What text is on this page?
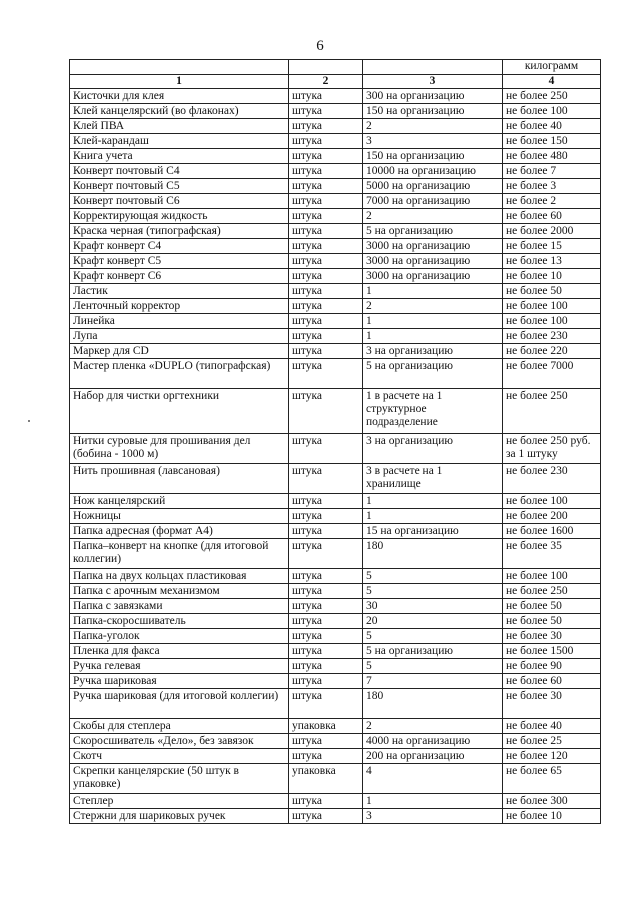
6
			килограмм
1	2	3	4
Кисточки для клея	штука	300 на организацию	не более 250
Клей канцелярский (во флаконах)	штука	150 на организацию	не более 100
Клей ПВА	штука	2	не более 40
Клей-карандаш	штука	3	не более 150
Книга учета	штука	150 на организацию	не более 480
Конверт почтовый С4	штука	10000 на организацию	не более 7
Конверт почтовый С5	штука	5000 на организацию	не более 3
Конверт почтовый С6	штука	7000 на организацию	не более 2
Корректирующая жидкость	штука	2	не более 60
Краска черная (типографская)	штука	5 на организацию	не более 2000
Крафт конверт С4	штука	3000 на организацию	не более 15
Крафт конверт С5	штука	3000 на организацию	не более 13
Крафт конверт С6	штука	3000 на организацию	не более 10
Ластик	штука	1	не более 50
Ленточный корректор	штука	2	не более 100
Линейка	штука	1	не более 100
Лупа	штука	1	не более 230
Маркер для CD	штука	3 на организацию	не более 220
Мастер пленка «DUPLO (типографская)	штука	5 на организацию	не более 7000
Набор для чистки оргтехники	штука	1 в расчете на 1 структурное подразделение	не более 250
Нитки суровые для прошивания дел (бобина - 1000 м)	штука	3 на организацию	не более 250 руб. за 1 штуку
Нить прошивная (лавсановая)	штука	3 в расчете на 1 хранилище	не более 230
Нож канцелярский	штука	1	не более 100
Ножницы	штука	1	не более 200
Папка адресная (формат А4)	штука	15 на организацию	не более 1600
Папка–конверт на кнопке (для итоговой коллегии)	штука	180	не более 35
Папка на двух кольцах пластиковая	штука	5	не более 100
Папка с арочным механизмом	штука	5	не более 250
Папка с завязками	штука	30	не более 50
Папка-скоросшиватель	штука	20	не более 50
Папка-уголок	штука	5	не более 30
Пленка для факса	штука	5 на организацию	не более 1500
Ручка гелевая	штука	5	не более 90
Ручка шариковая	штука	7	не более 60
Ручка шариковая (для итоговой коллегии)	штука	180	не более 30
Скобы для степлера	упаковка	2	не более 40
Скоросшиватель «Дело», без завязок	штука	4000 на организацию	не более 25
Скотч	штука	200 на организацию	не более 120
Скрепки канцелярские (50 штук в упаковке)	упаковка	4	не более 65
Степлер	штука	1	не более 300
Стержни для шариковых ручек	штука	3	не более 10
